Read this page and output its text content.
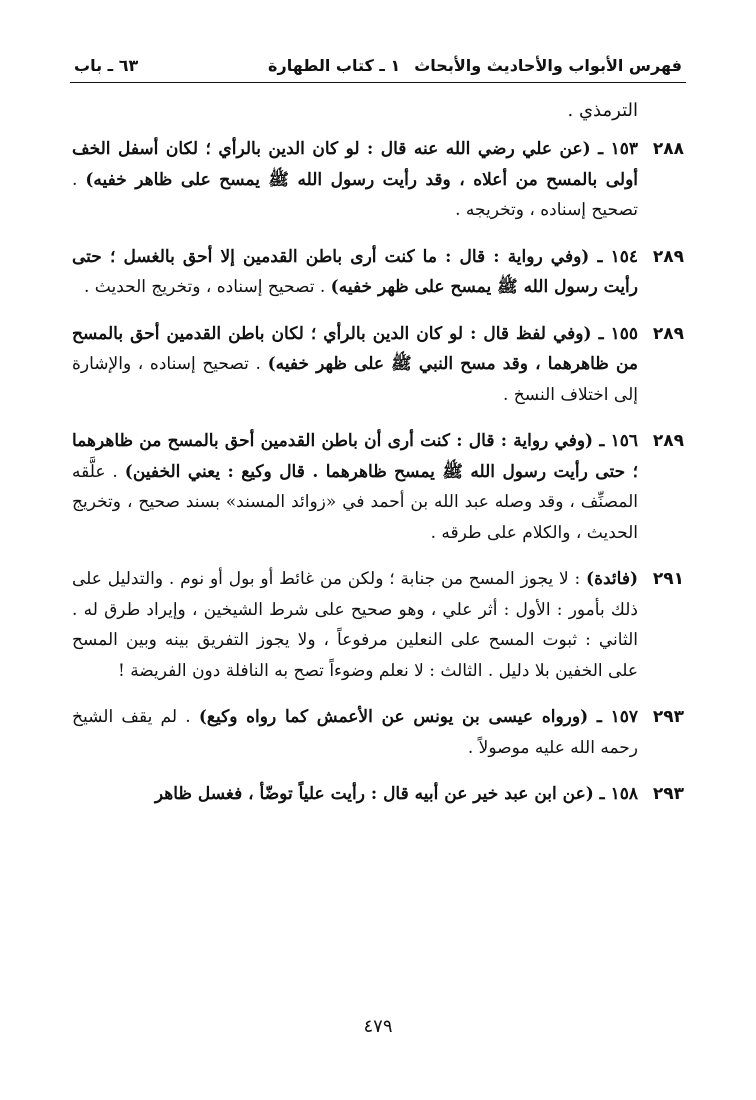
فهرس الأبواب والأحاديث والأبحاث١ ـ كتاب الطهارة
٦٣ ـ باب
الترمذي .
٢٨٨
١٥٣ ـ (عن علي رضي الله عنه قال : لو كان الدين بالرأي ؛ لكان أسفل الخف أولى بالمسح من أعلاه ، وقد رأيت رسول الله ﷺ يمسح على ظاهر خفيه) . تصحيح إسناده ، وتخريجه .
٢٨٩
١٥٤ ـ (وفي رواية : قال : ما كنت أرى باطن القدمين إلا أحق بالغسل ؛ حتى رأيت رسول الله ﷺ يمسح على ظهر خفيه) . تصحيح إسناده ، وتخريج الحديث .
٢٨٩
١٥٥ ـ (وفي لفظ قال : لو كان الدين بالرأي ؛ لكان باطن القدمين أحق بالمسح من ظاهرهما ، وقد مسح النبي ﷺ على ظهر خفيه) . تصحيح إسناده ، والإشارة إلى اختلاف النسخ .
٢٨٩
١٥٦ ـ (وفي رواية : قال : كنت أرى أن باطن القدمين أحق بالمسح من ظاهرهما ؛ حتى رأيت رسول الله ﷺ يمسح ظاهرهما . قال وكيع : يعني الخفين) . علَّقه المصنِّف ، وقد وصله عبد الله بن أحمد في «زوائد المسند» بسند صحيح ، وتخريج الحديث ، والكلام على طرقه .
٢٩١
(فائدة) : لا يجوز المسح من جنابة ؛ ولكن من غائط أو بول أو نوم . والتدليل على ذلك بأمور : الأول : أثر علي ، وهو صحيح على شرط الشيخين ، وإيراد طرق له . الثاني : ثبوت المسح على النعلين مرفوعاً ، ولا يجوز التفريق بينه وبين المسح على الخفين بلا دليل . الثالث : لا نعلم وضوءاً تصح به النافلة دون الفريضة !
٢٩٣
١٥٧ ـ (ورواه عيسى بن يونس عن الأعمش كما رواه وكيع) . لم يقف الشيخ رحمه الله عليه موصولاً .
٢٩٣
١٥٨ ـ (عن ابن عبد خير عن أبيه قال : رأيت علياً توضّأ ، فغسل ظاهر
٤٧٩
